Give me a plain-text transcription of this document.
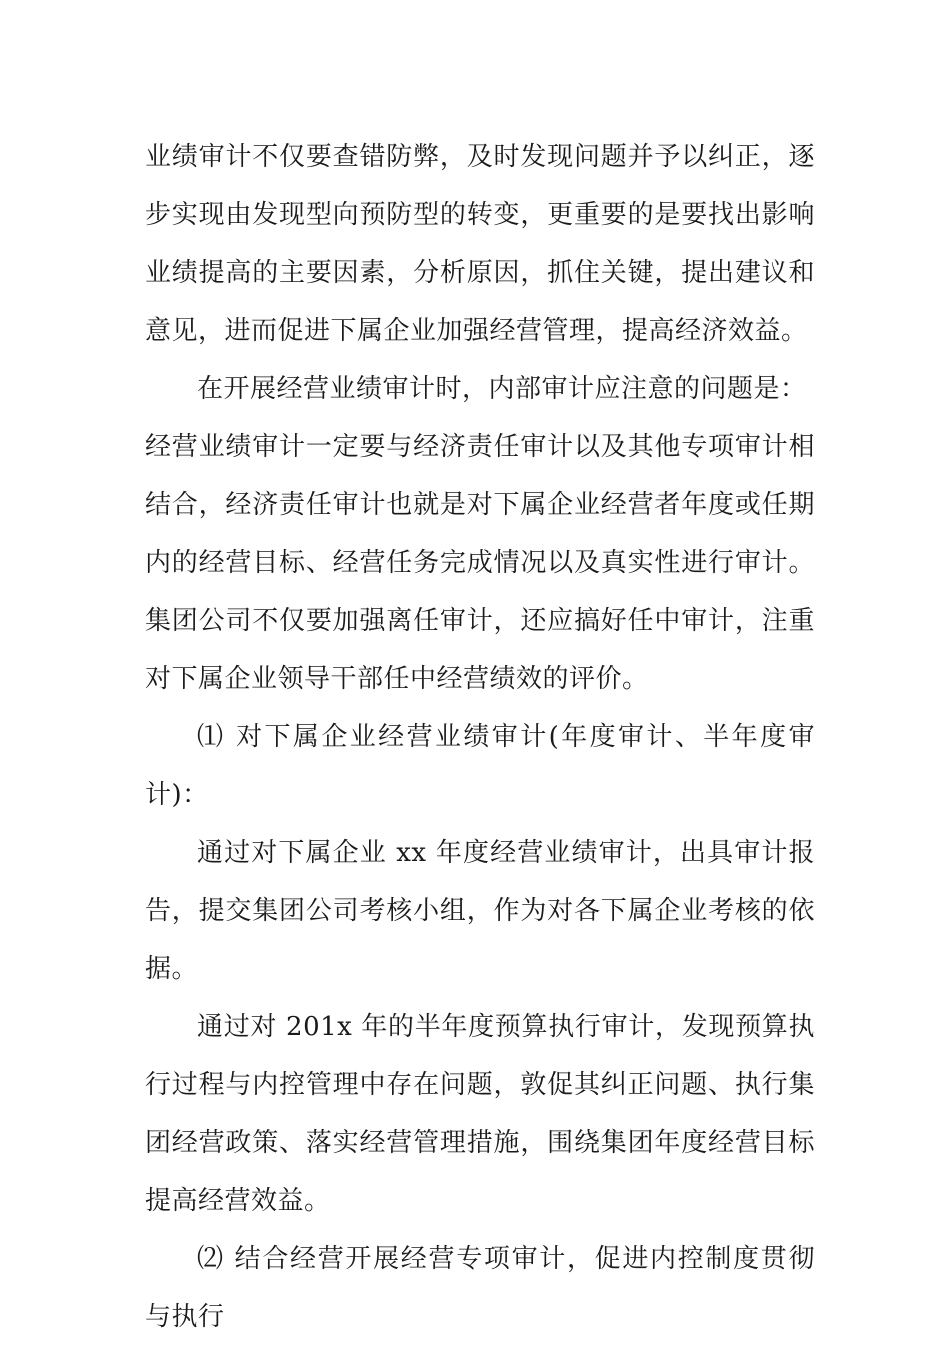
业绩审计不仅要查错防弊，及时发现问题并予以纠正，逐步实现由发现型向预防型的转变，更重要的是要找出影响业绩提高的主要因素，分析原因，抓住关键，提出建议和意见，进而促进下属企业加强经营管理，提高经济效益。

在开展经营业绩审计时，内部审计应注意的问题是：

经营业绩审计一定要与经济责任审计以及其他专项审计相结合，经济责任审计也就是对下属企业经营者年度或任期内的经营目标、经营任务完成情况以及真实性进行审计。集团公司不仅要加强离任审计，还应搞好任中审计，注重对下属企业领导干部任中经营绩效的评价。

⑴ 对下属企业经营业绩审计(年度审计、半年度审计)：

通过对下属企业 xx 年度经营业绩审计，出具审计报告，提交集团公司考核小组，作为对各下属企业考核的依据。

通过对 201x 年的半年度预算执行审计，发现预算执行过程与内控管理中存在问题，敦促其纠正问题、执行集团经营政策、落实经营管理措施，围绕集团年度经营目标提高经营效益。

⑵ 结合经营开展经营专项审计，促进内控制度贯彻与执行
